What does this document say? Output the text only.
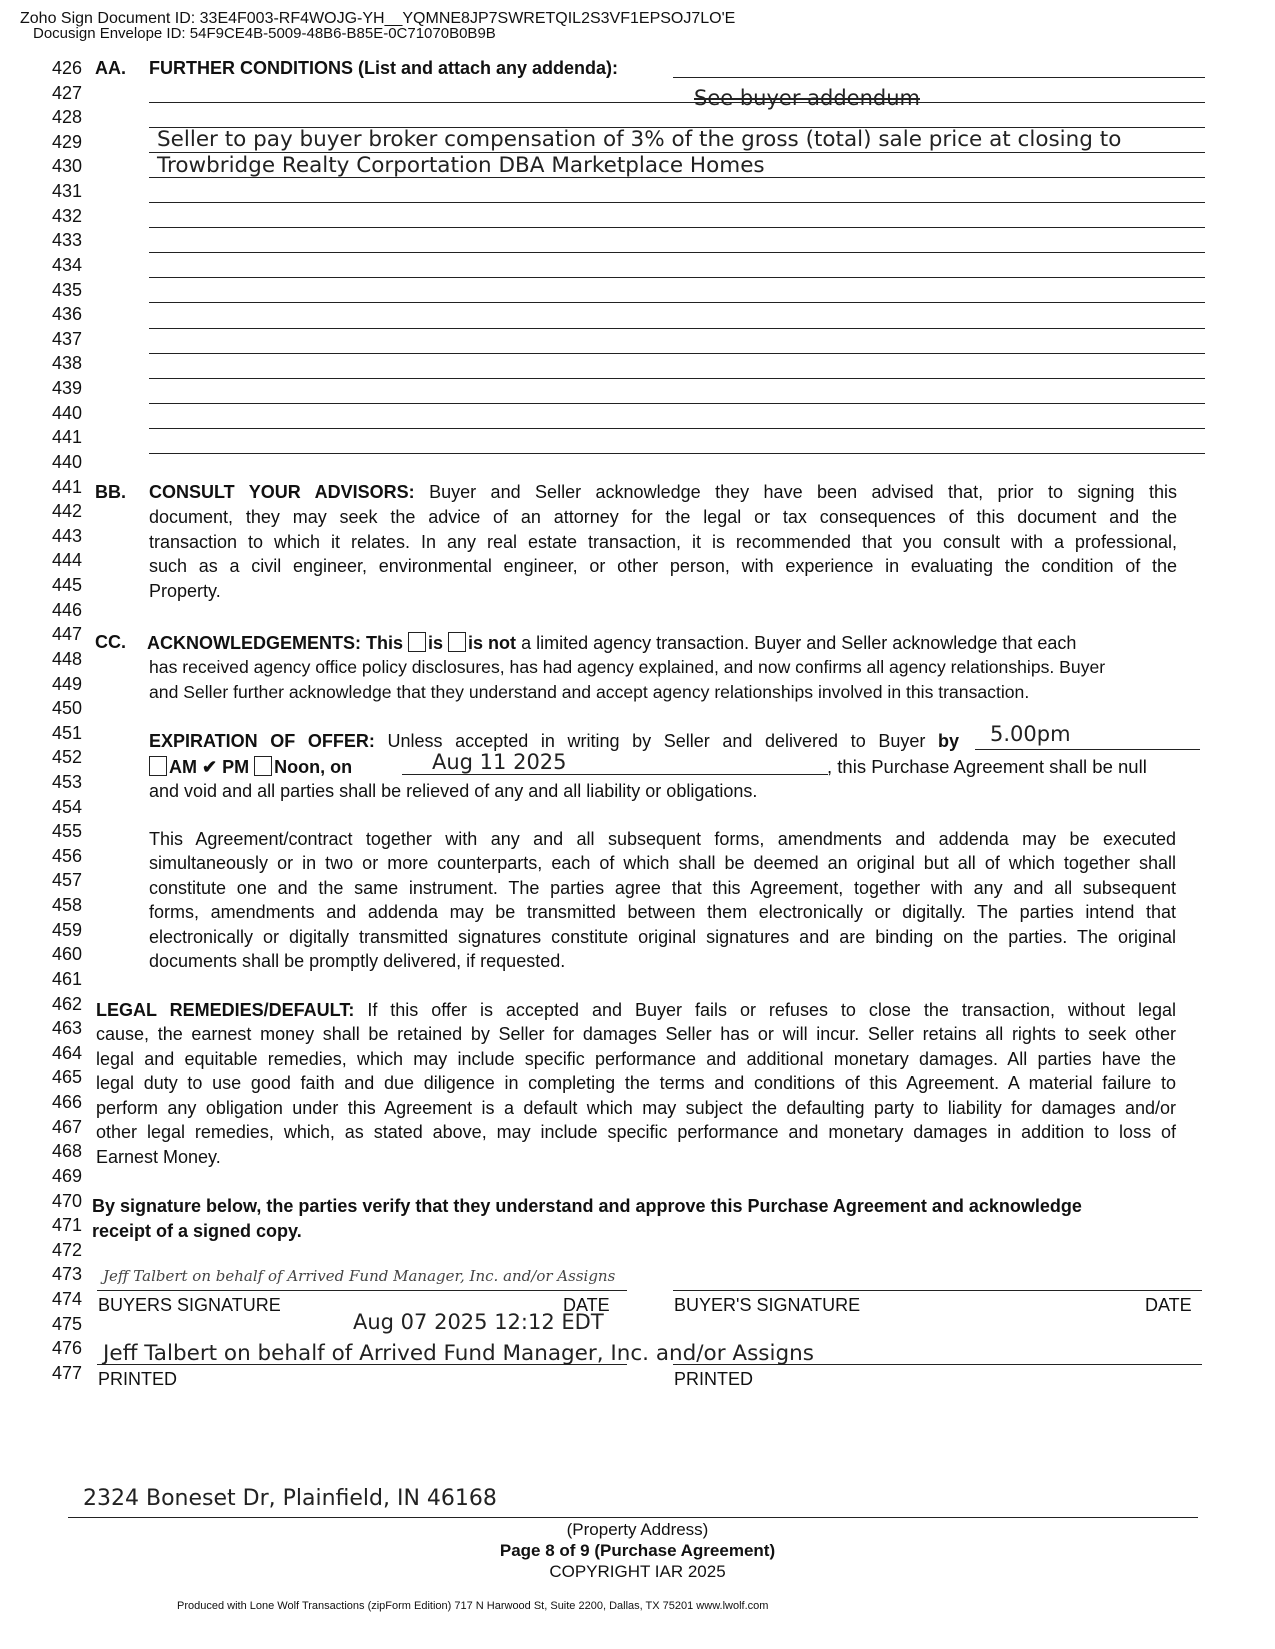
Docusign Envelope ID: 54F9CE4B-5009-48B6-B85E-0C71070B0B9B
Zoho Sign Document ID: 33E4F003-RF4WOJG-YH__YQMNE8JP7SWRETQIL2S3VF1EPSOJ7LO'E
426
427
428
429
430
431
432
433
434
435
436
437
438
439
440
441
440
441
442
443
444
445
446
447
448
449
450
451
452
453
454
455
456
457
458
459
460
461
462
463
464
465
466
467
468
469
470
471
472
473
474
475
476
477
AA. FURTHER CONDITIONS (List and attach any addenda):
See buyer addendum
Seller to pay buyer broker compensation of 3% of the gross (total) sale price at closing to
Trowbridge Realty Corportation DBA Marketplace Homes
BB. CONSULT YOUR ADVISORS: Buyer and Seller acknowledge they have been advised that, prior to signing this
document, they may seek the advice of an attorney for the legal or tax consequences of this document and the
transaction to which it relates. In any real estate transaction, it is recommended that you consult with a professional,
such as a civil engineer, environmental engineer, or other person, with experience in evaluating the condition of the
Property.
CC. ACKNOWLEDGEMENTS: This is is not a limited agency transaction. Buyer and Seller acknowledge that each
has received agency office policy disclosures, has had agency explained, and now confirms all agency relationships. Buyer
and Seller further acknowledge that they understand and accept agency relationships involved in this transaction.
EXPIRATION OF OFFER: Unless accepted in writing by Seller and delivered to Buyer by 5.00pm
AM ✔ PM Noon, on	Aug 11 2025	, this Purchase Agreement shall be null
and void and all parties shall be relieved of any and all liability or obligations.
This Agreement/contract together with any and all subsequent forms, amendments and addenda may be executed
simultaneously or in two or more counterparts, each of which shall be deemed an original but all of which together shall
constitute one and the same instrument. The parties agree that this Agreement, together with any and all subsequent
forms, amendments and addenda may be transmitted between them electronically or digitally. The parties intend that
electronically or digitally transmitted signatures constitute original signatures and are binding on the parties. The original
documents shall be promptly delivered, if requested.
LEGAL REMEDIES/DEFAULT: If this offer is accepted and Buyer fails or refuses to close the transaction, without legal
cause, the earnest money shall be retained by Seller for damages Seller has or will incur. Seller retains all rights to seek other
legal and equitable remedies, which may include specific performance and additional monetary damages. All parties have the
legal duty to use good faith and due diligence in completing the terms and conditions of this Agreement. A material failure to
perform any obligation under this Agreement is a default which may subject the defaulting party to liability for damages and/or
other legal remedies, which, as stated above, may include specific performance and monetary damages in addition to loss of
Earnest Money.
By signature below, the parties verify that they understand and approve this Purchase Agreement and acknowledge
receipt of a signed copy.
Jeff Talbert on behalf of Arrived Fund Manager, Inc. and/or Assigns
BUYERS SIGNATURE	DATE
Aug 07 2025 12:12 EDT
BUYER'S SIGNATURE	DATE
Jeff Talbert on behalf of Arrived Fund Manager, Inc. and/or Assigns
PRINTED	PRINTED
2324 Boneset Dr, Plainfield, IN 46168
(Property Address)
Page 8 of 9 (Purchase Agreement)
COPYRIGHT IAR 2025
Produced with Lone Wolf Transactions (zipForm Edition) 717 N Harwood St, Suite 2200, Dallas, TX 75201 www.lwolf.com
